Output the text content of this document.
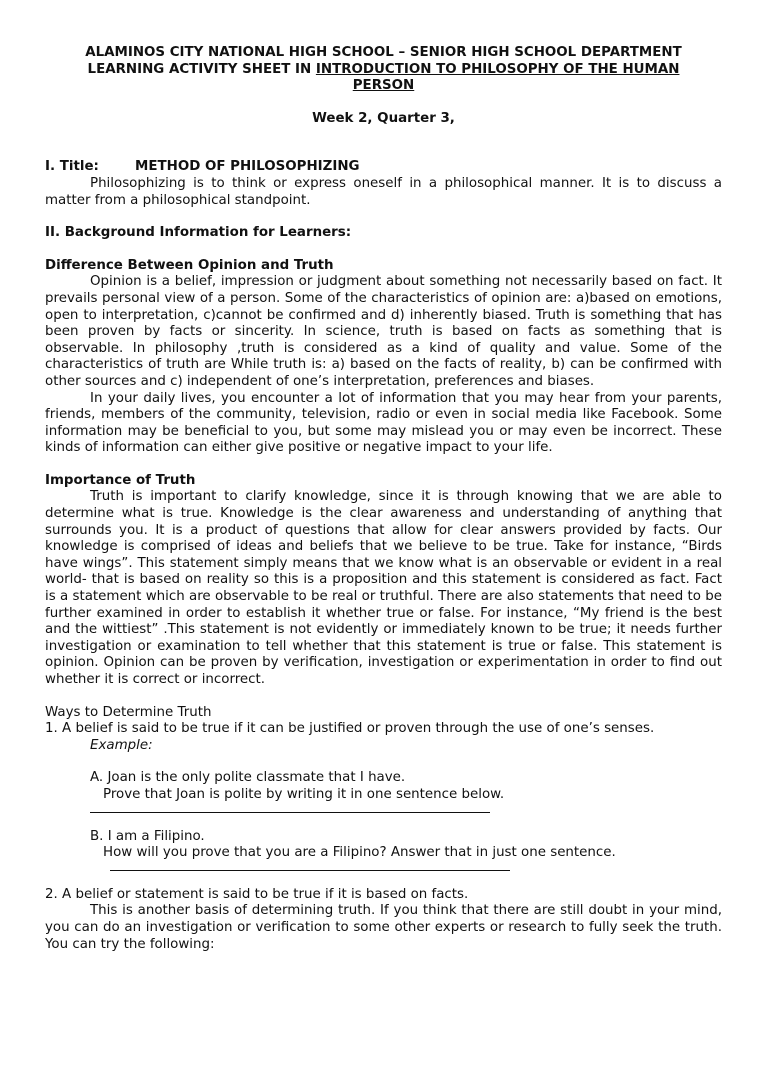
ALAMINOS CITY NATIONAL HIGH SCHOOL – SENIOR HIGH SCHOOL DEPARTMENT
LEARNING ACTIVITY SHEET IN INTRODUCTION TO PHILOSOPHY OF THE HUMAN
PERSON
Week 2, Quarter 3,
I. Title:	METHOD OF PHILOSOPHIZING

Philosophizing is to think or express oneself in a philosophical manner. It is to discuss a matter from a philosophical standpoint.

II. Background Information for Learners:
Difference Between Opinion and Truth

Opinion is a belief, impression or judgment about something not necessarily based on fact. It prevails personal view of a person. Some of the characteristics of opinion are: a)based on emotions, open to interpretation, c)cannot be confirmed and d) inherently biased. Truth is something that has been proven by facts or sincerity. In science, truth is based on facts as something that is observable. In philosophy ,truth is considered as a kind of quality and value. Some of the characteristics of truth are While truth is: a) based on the facts of reality, b) can be confirmed with other sources and c) independent of one’s interpretation, preferences and biases.

In your daily lives, you encounter a lot of information that you may hear from your parents, friends, members of the community, television, radio or even in social media like Facebook. Some information may be beneficial to you, but some may mislead you or may even be incorrect. These kinds of information can either give positive or negative impact to your life.

Importance of Truth

Truth is important to clarify knowledge, since it is through knowing that we are able to determine what is true. Knowledge is the clear awareness and understanding of anything that surrounds you. It is a product of questions that allow for clear answers provided by facts. Our knowledge is comprised of ideas and beliefs that we believe to be true. Take for instance, “Birds have wings”. This statement simply means that we know what is an observable or evident in a real world- that is based on reality so this is a proposition and this statement is considered as fact. Fact is a statement which are observable to be real or truthful. There are also statements that need to be further examined in order to establish it whether true or false. For instance, “My friend is the best and the wittiest” .This statement is not evidently or immediately known to be true; it needs further investigation or examination to tell whether that this statement is true or false. This statement is opinion. Opinion can be proven by verification, investigation or experimentation in order to find out whether it is correct or incorrect.

Ways to Determine Truth
1. A belief is said to be true if it can be justified or proven through the use of one’s senses.
Example:
A. Joan is the only polite classmate that I have.
Prove that Joan is polite by writing it in one sentence below.
B. I am a Filipino.
How will you prove that you are a Filipino? Answer that in just one sentence.
2. A belief or statement is said to be true if it is based on facts.

This is another basis of determining truth. If you think that there are still doubt in your mind, you can do an investigation or verification to some other experts or research to fully seek the truth. You can try the following:
